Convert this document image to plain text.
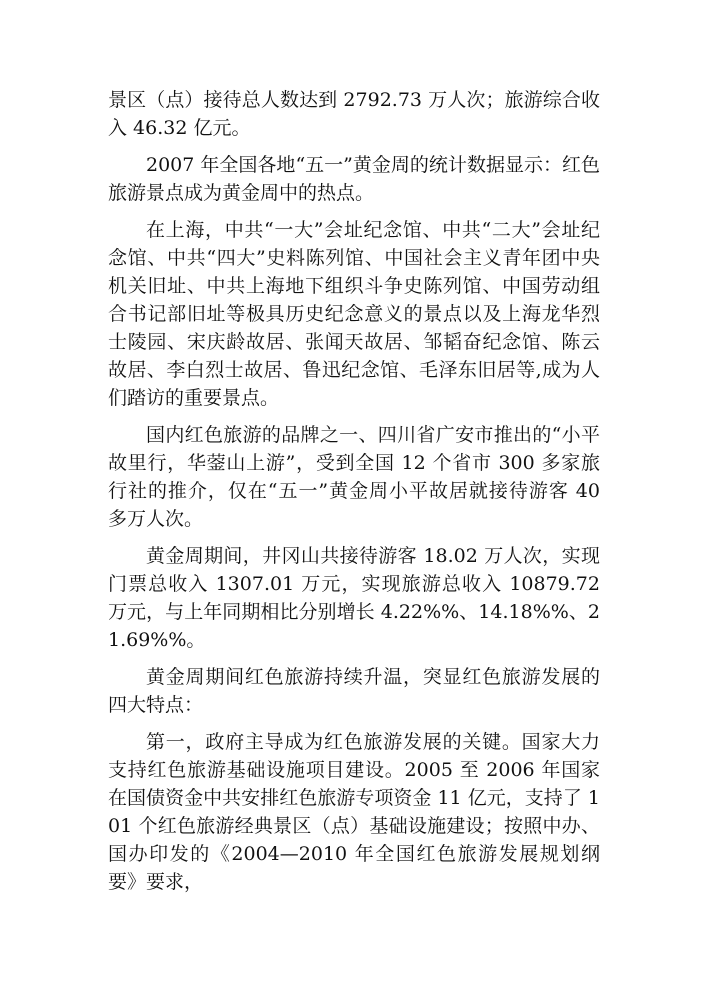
景区（点）接待总人数达到 2792.73 万人次；旅游综合收入 46.32 亿元。

2007 年全国各地“五一”黄金周的统计数据显示：红色旅游景点成为黄金周中的热点。

在上海，中共“一大”会址纪念馆、中共“二大”会址纪念馆、中共“四大”史料陈列馆、中国社会主义青年团中央机关旧址、中共上海地下组织斗争史陈列馆、中国劳动组合书记部旧址等极具历史纪念意义的景点以及上海龙华烈士陵园、宋庆龄故居、张闻天故居、邹韬奋纪念馆、陈云故居、李白烈士故居、鲁迅纪念馆、毛泽东旧居等,成为人们踏访的重要景点。

国内红色旅游的品牌之一、四川省广安市推出的“小平故里行，华蓥山上游”，受到全国 12 个省市 300 多家旅行社的推介，仅在“五一”黄金周小平故居就接待游客 40 多万人次。

黄金周期间，井冈山共接待游客 18.02 万人次，实现门票总收入 1307.01 万元，实现旅游总收入 10879.72 万元，与上年同期相比分别增长 4.22%%、14.18%%、21.69%%。

黄金周期间红色旅游持续升温，突显红色旅游发展的四大特点：

第一，政府主导成为红色旅游发展的关键。国家大力支持红色旅游基础设施项目建设。2005 至 2006 年国家在国债资金中共安排红色旅游专项资金 11 亿元，支持了 101 个红色旅游经典景区（点）基础设施建设；按照中办、国办印发的《2004—2010 年全国红色旅游发展规划纲要》要求，
